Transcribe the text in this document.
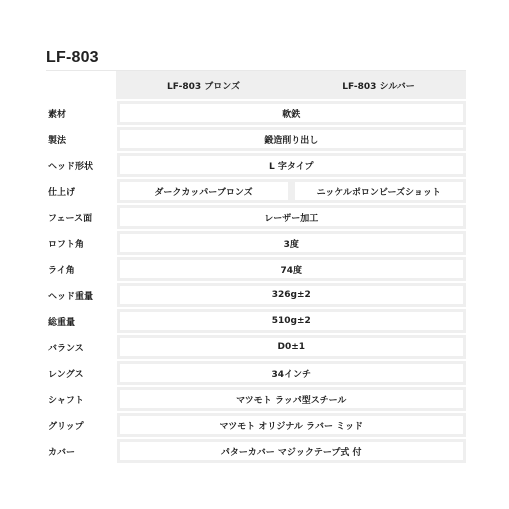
LF-803
	LF-803 ブロンズ	LF-803 シルバー
素材	軟鉄	
製法	鍛造削り出し	
ヘッド形状	L 字タイプ	
仕上げ	ダークカッパーブロンズ	ニッケルポロンビーズショット
フェース面	レーザー加工	
ロフト角	3度	
ライ角	74度	
ヘッド重量	326g±2	
総重量	510g±2	
バランス	D0±1	
レングス	34インチ	
シャフト	マツモト ラッパ型スチール	
グリップ	マツモト オリジナル ラバー ミッド	
カバー	パターカバー マジックテープ式 付	
